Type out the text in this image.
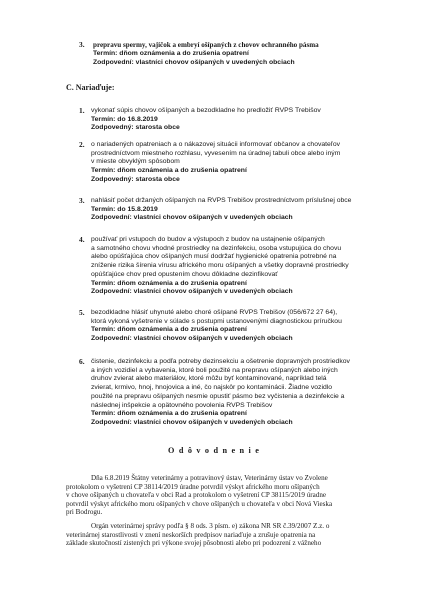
3. prepravu spermy, vajíčok a embryí ošípaných z chovov ochranného pásma
Termín: dňom oznámenia a do zrušenia opatrení
Zodpovední: vlastníci chovov ošípaných v uvedených obciach
C. Nariaďuje:
1. vykonať súpis chovov ošípaných a bezodkladne ho predložiť RVPS Trebišov
Termín: do 16.8.2019
Zodpovedný: starosta obce
2. o nariadených opatreniach a o nákazovej situácii informovať občanov a chovateľov
prostredníctvom miestneho rozhlasu, vyvesením na úradnej tabuli obce alebo iným
v mieste obvyklým spôsobom
Termín: dňom oznámenia a do zrušenia opatrení
Zodpovedný: starosta obce
3. nahlásiť počet držaných ošípaných na RVPS Trebišov prostredníctvom príslušnej obce
Termín: do 15.8.2019
Zodpovední: vlastníci chovov ošípaných v uvedených obciach
4. používať pri vstupoch do budov a výstupoch z budov na ustajnenie ošípaných
a samotného chovu vhodné prostriedky na dezinfekciu, osoba vstupujúca do chovu
alebo opúšťajúca chov ošípaných musí dodržať hygienické opatrenia potrebné na
zníženie rizika šírenia vírusu afrického moru ošípaných a všetky dopravné prostriedky
opúšťajúce chov pred opustením chovu dôkladne dezinfikovať
Termín: dňom oznámenia a do zrušenia opatrení
Zodpovední: vlastníci chovov ošípaných v uvedených obciach
5. bezodkladne hlásiť uhynuté alebo choré ošípané RVPS Trebišov (056/672 27 64),
ktorá vykoná vyšetrenie v súlade s postupmi ustanovenými diagnostickou príručkou
Termín: dňom oznámenia a do zrušenia opatrení
Zodpovední: vlastníci chovov ošípaných v uvedených obciach
6. čistenie, dezinfekciu a podľa potreby dezinsekciu a ošetrenie dopravných prostriedkov
a iných vozidiel a vybavenia, ktoré boli použité na prepravu ošípaných alebo iných
druhov zvierat alebo materiálov, ktoré môžu byť kontaminované, napríklad telá
zvierat, krmivo, hnoj, hnojovica a iné, čo najskôr po kontaminácii. Žiadne vozidlo
použité na prepravu ošípaných nesmie opustiť pásmo bez vyčistenia a dezinfekcie a
následnej inšpekcie a opätovného povolenia RVPS Trebišov
Termín: dňom oznámenia a do zrušenia opatrení
Zodpovední: vlastníci chovov ošípaných v uvedených obciach
O d ô v o d n e n i e
Dňa 6.8.2019 Štátny veterinárny a potravinový ústav, Veterinárny ústav vo Zvolene
protokolom o vyšetrení CP 38114/2019 úradne potvrdil výskyt afrického moru ošípaných
v chove ošípaných u chovateľa v obci Rad a protokolom o vyšetrení CP 38115/2019 úradne
potvrdil výskyt afrického moru ošípaných v chove ošípaných u chovateľa v obci Nová Vieska
pri Bodrogu.
Orgán veterinárnej správy podľa § 8 ods. 3 písm. e) zákona NR SR č.39/2007 Z.z. o
veterinárnej starostlivosti v znení neskorších predpisov nariaďuje a zrušuje opatrenia na
základe skutočností zistených pri výkone svojej pôsobnosti alebo pri podozrení z vážneho
